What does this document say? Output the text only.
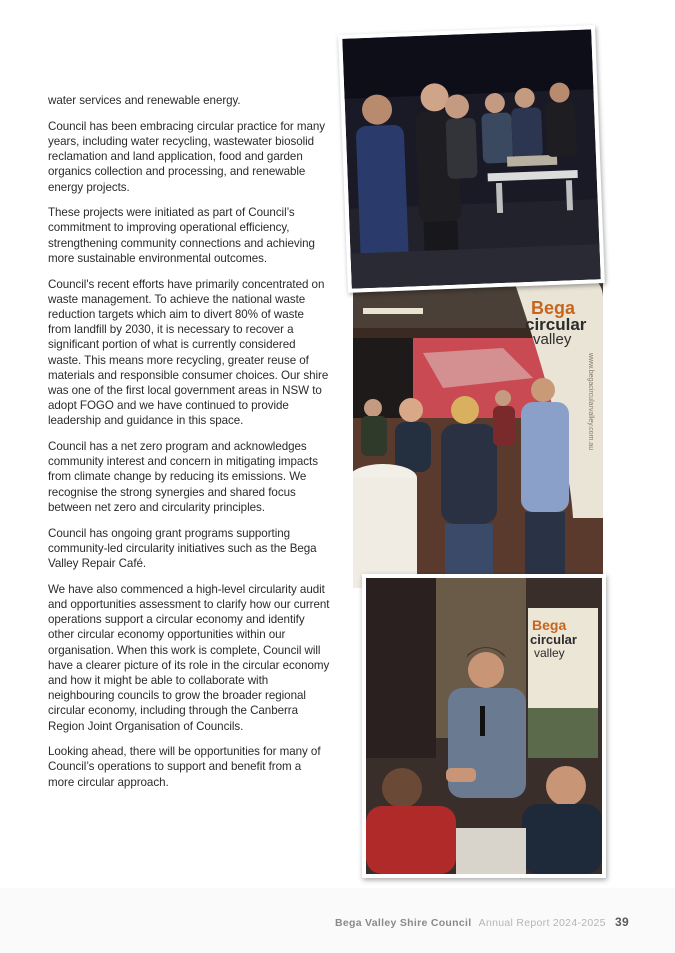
water services and renewable energy.

Council has been embracing circular practice for many years, including water recycling, wastewater biosolid reclamation and land application, food and garden organics collection and processing, and renewable energy projects.

These projects were initiated as part of Council’s commitment to improving operational efficiency, strengthening community connections and achieving more sustainable environmental outcomes.

Council's recent efforts have primarily concentrated on waste management. To achieve the national waste reduction targets which aim to divert 80% of waste from landfill by 2030, it is necessary to recover a significant portion of what is currently considered waste. This means more recycling, greater reuse of materials and responsible consumer choices. Our shire was one of the first local government areas in NSW to adopt FOGO and we have continued to provide leadership and guidance in this space.

Council has a net zero program and acknowledges community interest and concern in mitigating impacts from climate change by reducing its emissions. We recognise the strong synergies and shared focus between net zero and circularity principles.

Council has ongoing grant programs supporting community-led circularity initiatives such as the Bega Valley Repair Café.

We have also commenced a high-level circularity audit and opportunities assessment to clarify how our current operations support a circular economy and identify other circular economy opportunities within our organisation. When this work is complete, Council will have a clearer picture of its role in the circular economy and how it might be able to collaborate with neighbouring councils to grow the broader regional circular economy, including through the Canberra Region Joint Organisation of Councils.

Looking ahead, there will be opportunities for many of Council’s operations to support and benefit from a more circular approach.

Bega
circular
valley
www.begacircularvalley.com.au
Bega
circular
valley
Bega Valley Shire Council Annual Report 2024-2025 39
